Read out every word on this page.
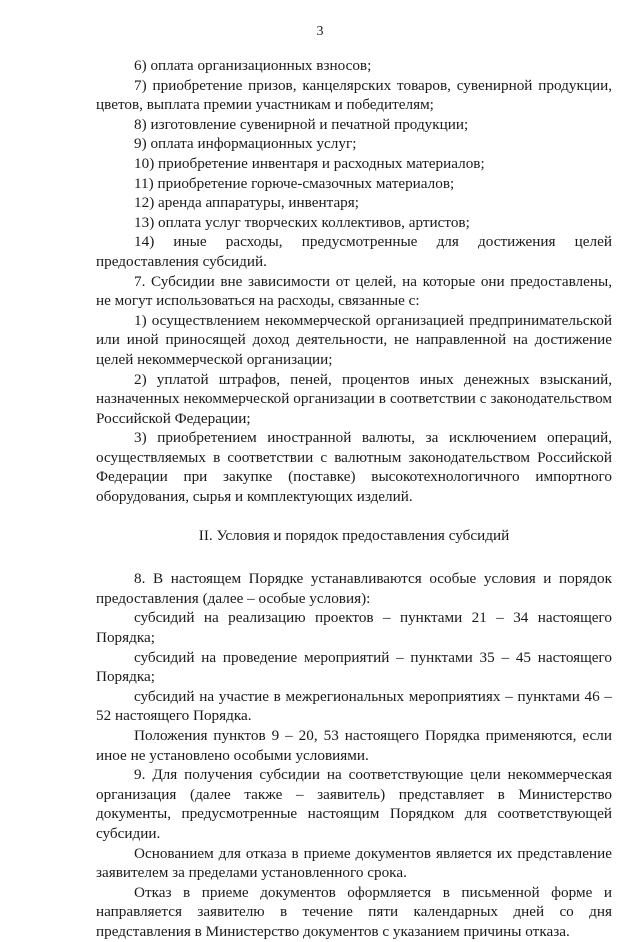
3

6) оплата организационных взносов;

7) приобретение призов, канцелярских товаров, сувенирной продукции, цветов, выплата премии участникам и победителям;

8) изготовление сувенирной и печатной продукции;

9) оплата информационных услуг;

10) приобретение инвентаря и расходных материалов;

11) приобретение горюче-смазочных материалов;

12) аренда аппаратуры, инвентаря;

13) оплата услуг творческих коллективов, артистов;

14) иные расходы, предусмотренные для достижения целей предоставления субсидий.

7. Субсидии вне зависимости от целей, на которые они предоставлены, не могут использоваться на расходы, связанные с:

1) осуществлением некоммерческой организацией предпринимательской или иной приносящей доход деятельности, не направленной на достижение целей некоммерческой организации;

2) уплатой штрафов, пеней, процентов иных денежных взысканий, назначенных некоммерческой организации в соответствии с законодательством Российской Федерации;

3) приобретением иностранной валюты, за исключением операций, осуществляемых в соответствии с валютным законодательством Российской Федерации при закупке (поставке) высокотехнологичного импортного оборудования, сырья и комплектующих изделий.

II. Условия и порядок предоставления субсидий

8. В настоящем Порядке устанавливаются особые условия и порядок предоставления (далее – особые условия):

субсидий на реализацию проектов – пунктами 21 – 34 настоящего Порядка;

субсидий на проведение мероприятий – пунктами 35 – 45 настоящего Порядка;

субсидий на участие в межрегиональных мероприятиях – пунктами 46 – 52 настоящего Порядка.

Положения пунктов 9 – 20, 53 настоящего Порядка применяются, если иное не установлено особыми условиями.

9. Для получения субсидии на соответствующие цели некоммерческая организация (далее также – заявитель) представляет в Министерство документы, предусмотренные настоящим Порядком для соответствующей субсидии.

Основанием для отказа в приеме документов является их представление заявителем за пределами установленного срока.

Отказ в приеме документов оформляется в письменной форме и направляется заявителю в течение пяти календарных дней со дня представления в Министерство документов с указанием причины отказа.
